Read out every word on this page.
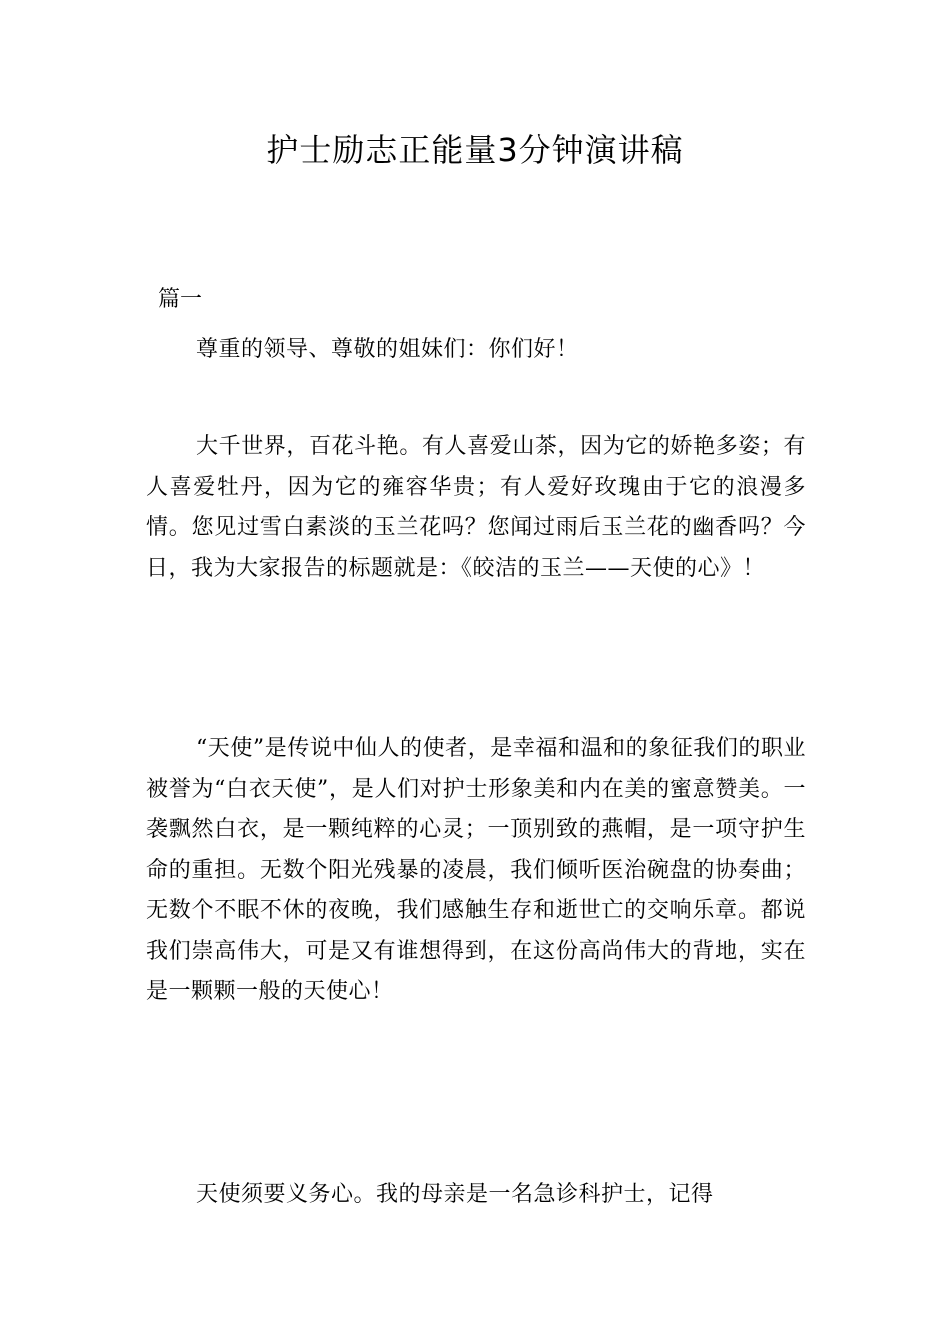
护士励志正能量3分钟演讲稿

篇一

尊重的领导、尊敬的姐妹们：你们好！

大千世界，百花斗艳。有人喜爱山茶，因为它的娇艳多姿；有人喜爱牡丹，因为它的雍容华贵；有人爱好玫瑰由于它的浪漫多情。您见过雪白素淡的玉兰花吗？您闻过雨后玉兰花的幽香吗？今日，我为大家报告的标题就是：《皎洁的玉兰——天使的心》！

“天使”是传说中仙人的使者，是幸福和温和的象征我们的职业被誉为“白衣天使”，是人们对护士形象美和内在美的蜜意赞美。一袭飘然白衣，是一颗纯粹的心灵；一顶别致的燕帽，是一项守护生命的重担。无数个阳光残暴的凌晨，我们倾听医治碗盘的协奏曲；无数个不眠不休的夜晚，我们感触生存和逝世亡的交响乐章。都说我们崇高伟大，可是又有谁想得到，在这份高尚伟大的背地，实在是一颗颗一般的天使心！

天使须要义务心。我的母亲是一名急诊科护士，记得
